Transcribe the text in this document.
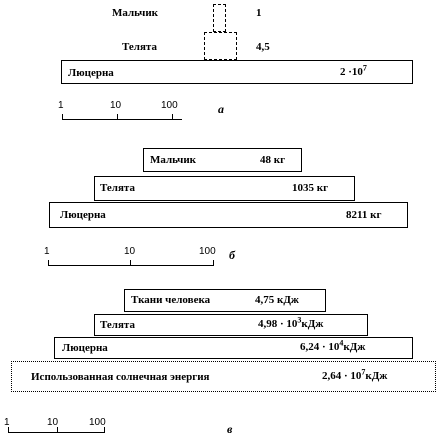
Мальчик	1
Телята	4,5
Люцерна	$2 \cdot 10^7$
1	10	100	а
Мальчик	48 кг
Телята	1035 кг
Люцерна	8211 кг
1	10	100 б
Ткани человека	4,75 кДж
Телята	$4,98 \cdot 10^3кДж$
Люцерна	$6,24 \cdot 10^4кДж$
Использованная солнечная энергия	$2,64 \cdot 10^7кДж$
1	10	100	в
